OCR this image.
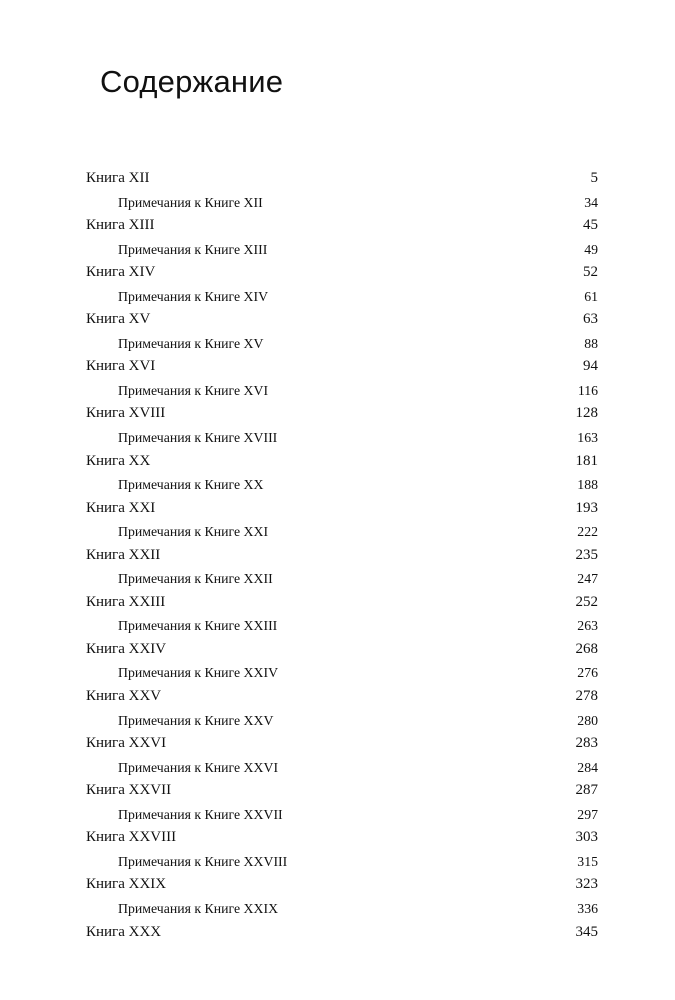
Содержание
Книга XII .....	5
Примечания к Книге XII .....	34
Книга XIII .....	45
Примечания к Книге XIII .....	49
Книга XIV .....	52
Примечания к Книге XIV .....	61
Книга XV .....	63
Примечания к Книге XV .....	88
Книга XVI .....	94
Примечания к Книге XVI .....	116
Книга XVIII .....	128
Примечания к Книге XVIII .....	163
Книга XX .....	181
Примечания к Книге XX .....	188
Книга XXI .....	193
Примечания к Книге XXI .....	222
Книга XXII .....	235
Примечания к Книге XXII .....	247
Книга XXIII .....	252
Примечания к Книге XXIII .....	263
Книга XXIV .....	268
Примечания к Книге XXIV .....	276
Книга XXV .....	278
Примечания к Книге XXV .....	280
Книга XXVI .....	283
Примечания к Книге XXVI .....	284
Книга XXVII .....	287
Примечания к Книге XXVII .....	297
Книга XXVIII .....	303
Примечания к Книге XXVIII .....	315
Книга XXIX .....	323
Примечания к Книге XXIX .....	336
Книга XXX .....	345
